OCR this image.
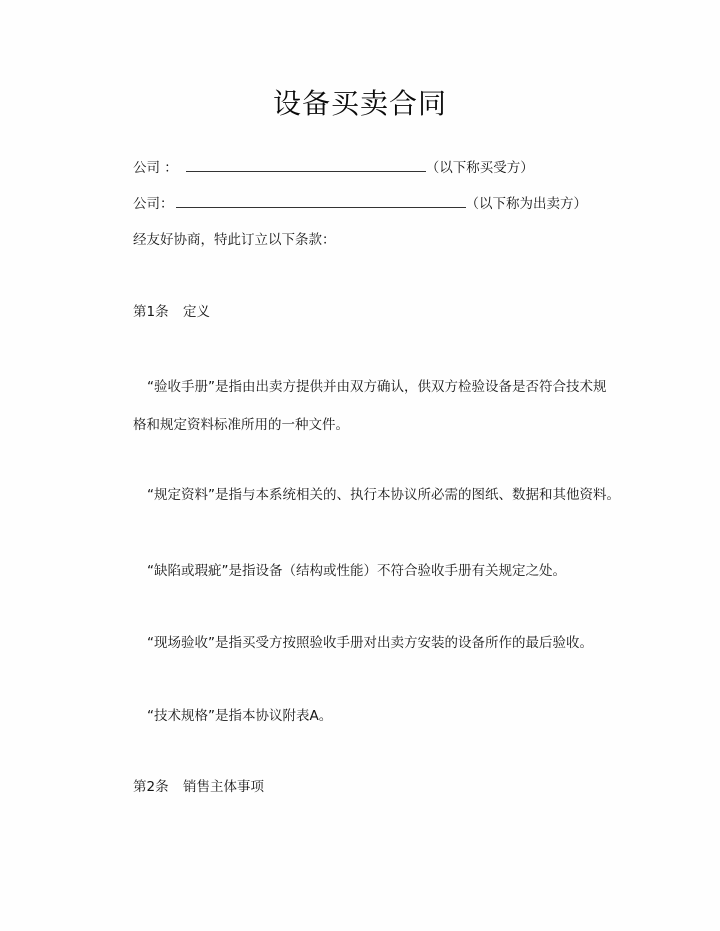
设备买卖合同
公司 ：	（以下称买受方）
公司：	（以下称为出卖方）
经友好协商，特此订立以下条款：
第1条 定义
“验收手册”是指由出卖方提供并由双方确认，供双方检验设备是否符合技术规
格和规定资料标准所用的一种文件。
“规定资料”是指与本系统相关的、执行本协议所必需的图纸、数据和其他资料。
“缺陷或瑕疵”是指设备（结构或性能）不符合验收手册有关规定之处。
“现场验收”是指买受方按照验收手册对出卖方安装的设备所作的最后验收。
“技术规格”是指本协议附表A。
第2条 销售主体事项
